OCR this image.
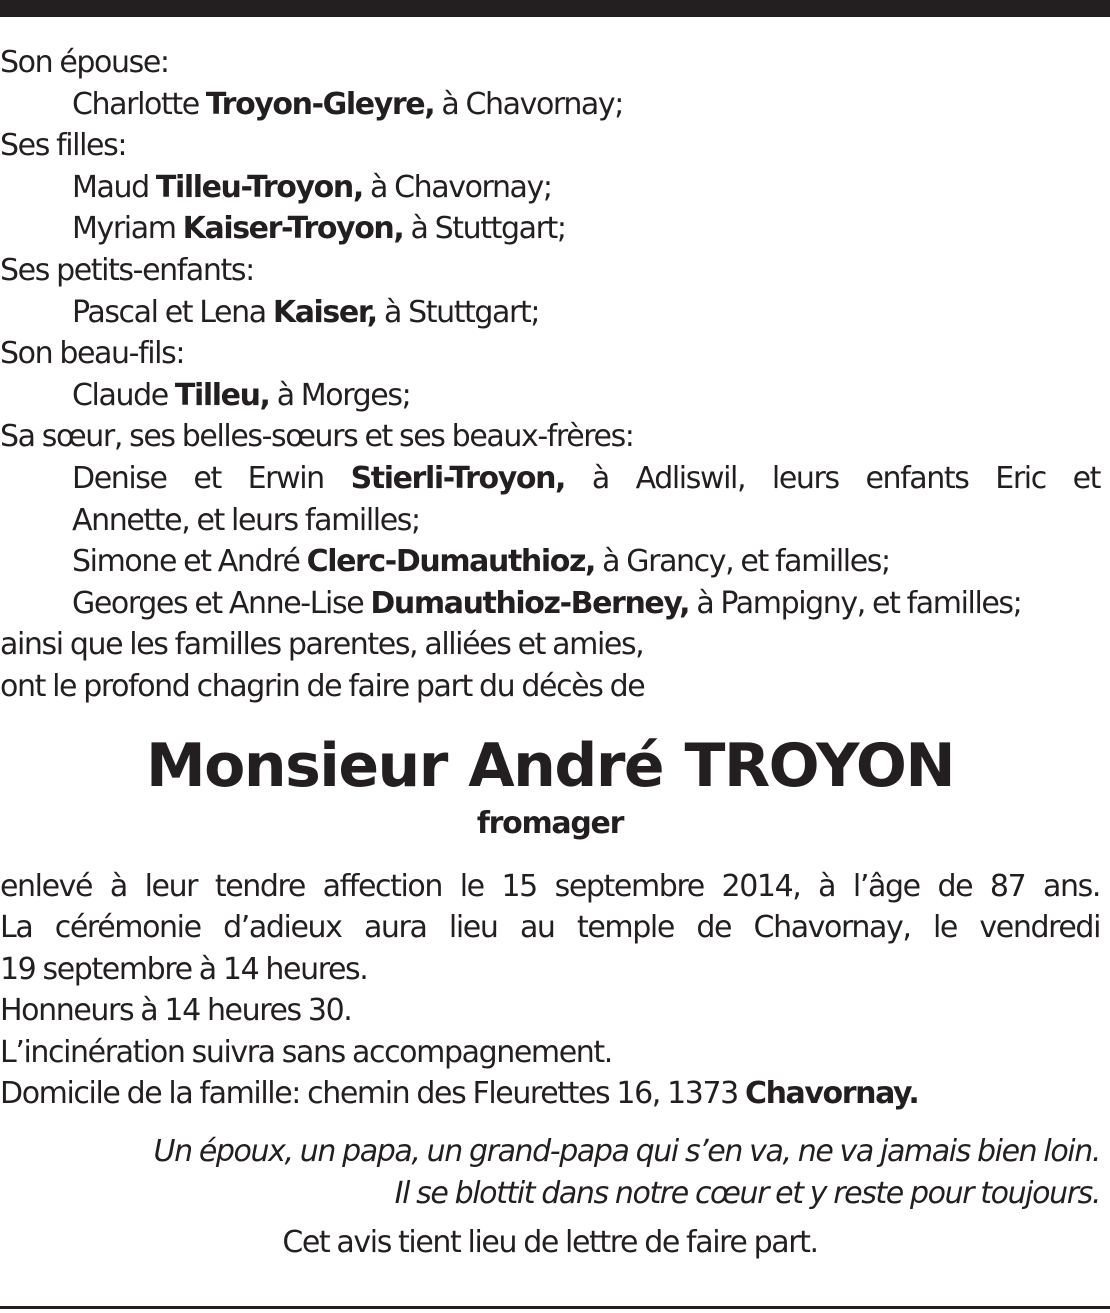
Son épouse:
Charlotte Troyon-Gleyre, à Chavornay;
Ses filles:
Maud Tilleu-Troyon, à Chavornay;
Myriam Kaiser-Troyon, à Stuttgart;
Ses petits-enfants:
Pascal et Lena Kaiser, à Stuttgart;
Son beau-fils:
Claude Tilleu, à Morges;
Sa sœur, ses belles-sœurs et ses beaux-frères:
Denise et Erwin Stierli-Troyon, à Adliswil, leurs enfants Eric et
Annette, et leurs familles;
Simone et André Clerc-Dumauthioz, à Grancy, et familles;
Georges et Anne-Lise Dumauthioz-Berney, à Pampigny, et familles;
ainsi que les familles parentes, alliées et amies,
ont le profond chagrin de faire part du décès de
Monsieur André TROYON
fromager
enlevé à leur tendre affection le 15 septembre 2014, à l’âge de 87 ans.
La cérémonie d’adieux aura lieu au temple de Chavornay, le vendredi
19 septembre à 14 heures.
Honneurs à 14 heures 30.
L’incinération suivra sans accompagnement.
Domicile de la famille: chemin des Fleurettes 16, 1373 Chavornay.
Un époux, un papa, un grand-papa qui s’en va, ne va jamais bien loin.
Il se blottit dans notre cœur et y reste pour toujours.
Cet avis tient lieu de lettre de faire part.
